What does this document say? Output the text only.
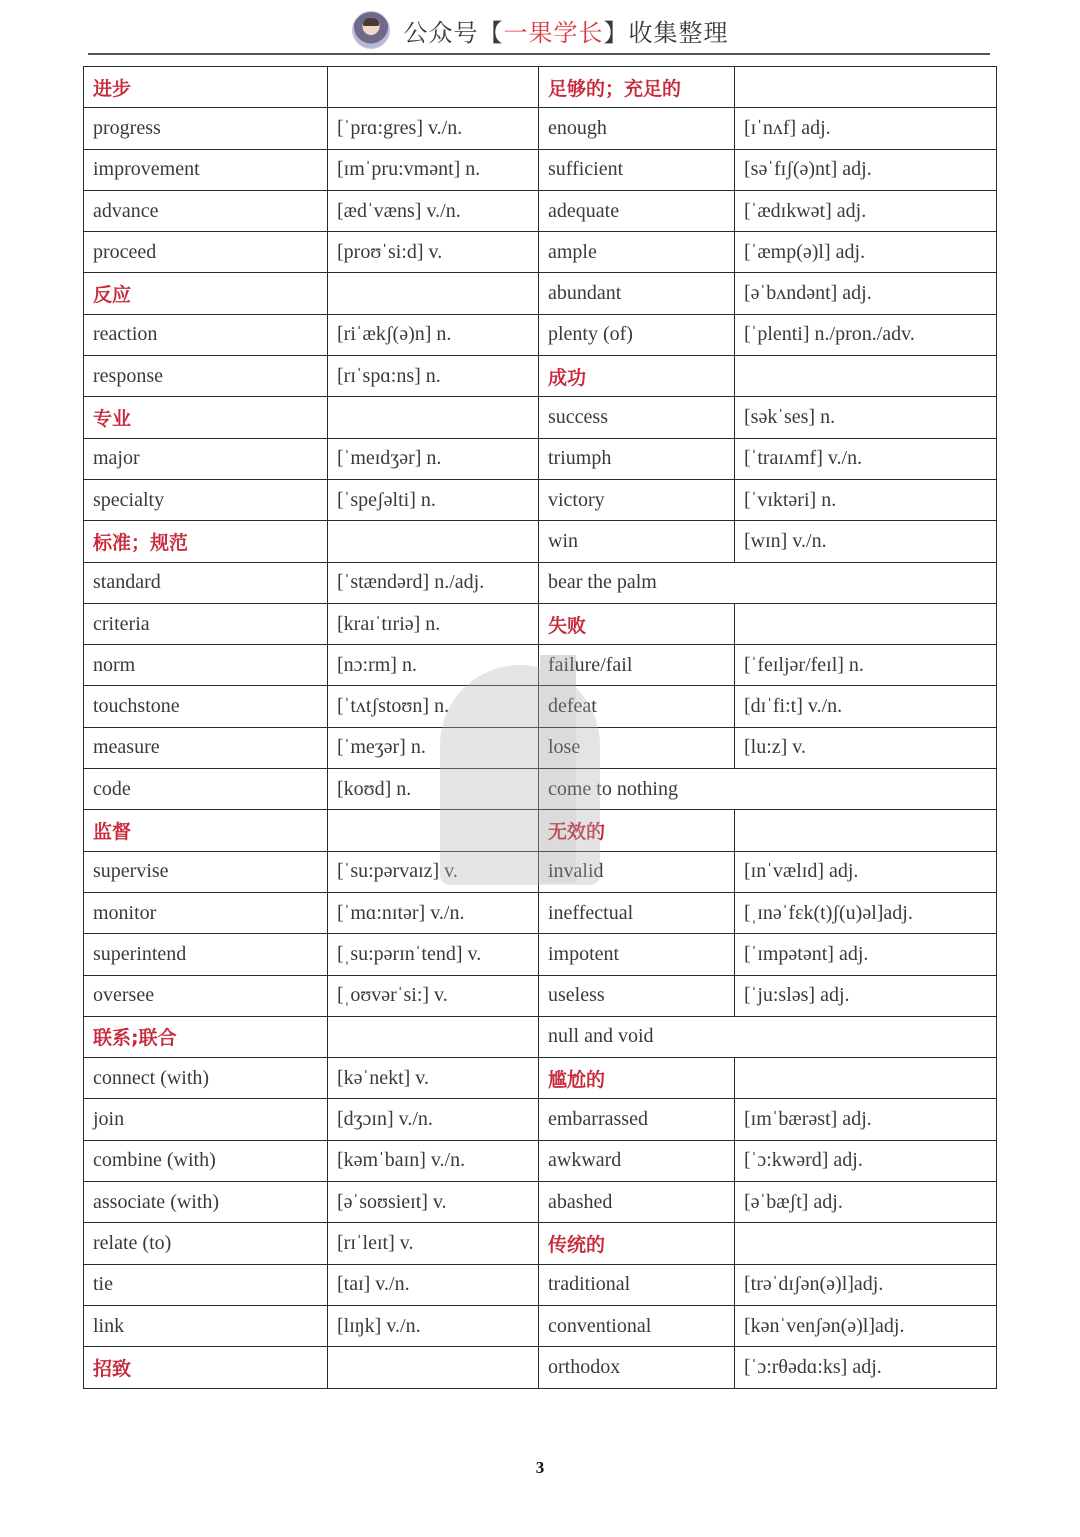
公众号【一果学长】收集整理
进步		足够的；充足的	
progress	[ˈprɑ:gres] v./n.	enough	[ɪˈnʌf] adj.
improvement	[ɪmˈpru:vmənt] n.	sufficient	[səˈfɪʃ(ə)nt] adj.
advance	[ædˈvæns] v./n.	adequate	[ˈædɪkwət] adj.
proceed	[proʊˈsi:d] v.	ample	[ˈæmp(ə)l] adj.
反应		abundant	[əˈbʌndənt] adj.
reaction	[riˈækʃ(ə)n] n.	plenty (of)	[ˈplenti] n./pron./adv.
response	[rɪˈspɑ:ns] n.	成功	
专业		success	[səkˈses] n.
major	[ˈmeɪdʒər] n.	triumph	[ˈtraɪʌmf] v./n.
specialty	[ˈspeʃəlti] n.	victory	[ˈvɪktəri] n.
标准；规范		win	[wɪn] v./n.
standard	[ˈstændərd] n./adj.	bear the palm	
criteria	[kraɪˈtɪriə] n.	失败	
norm	[nɔ:rm] n.	failure/fail	[ˈfeɪljər/feɪl] n.
touchstone	[ˈtʌtʃstoʊn] n.	defeat	[dɪˈfi:t] v./n.
measure	[ˈmeʒər] n.	lose	[lu:z] v.
code	[koʊd] n.	come to nothing	
监督		无效的	
supervise	[ˈsu:pərvaɪz] v.	invalid	[ɪnˈvælɪd] adj.
monitor	[ˈmɑ:nɪtər] v./n.	ineffectual	[ˌɪnəˈfɛk(t)ʃ(u)əl]adj.
superintend	[ˌsu:pərɪnˈtend] v.	impotent	[ˈɪmpətənt] adj.
oversee	[ˌoʊvərˈsi:] v.	useless	[ˈju:sləs] adj.
联系;联合		null and void	
connect (with)	[kəˈnekt] v.	尴尬的	
join	[dʒɔɪn] v./n.	embarrassed	[ɪmˈbærəst] adj.
combine (with)	[kəmˈbaɪn] v./n.	awkward	[ˈɔ:kwərd] adj.
associate (with)	[əˈsoʊsieɪt] v.	abashed	[əˈbæʃt] adj.
relate (to)	[rɪˈleɪt] v.	传统的	
tie	[taɪ] v./n.	traditional	[trəˈdɪʃən(ə)l]adj.
link	[lɪŋk] v./n.	conventional	[kənˈvenʃən(ə)l]adj.
招致		orthodox	[ˈɔ:rθədɑ:ks] adj.
3
